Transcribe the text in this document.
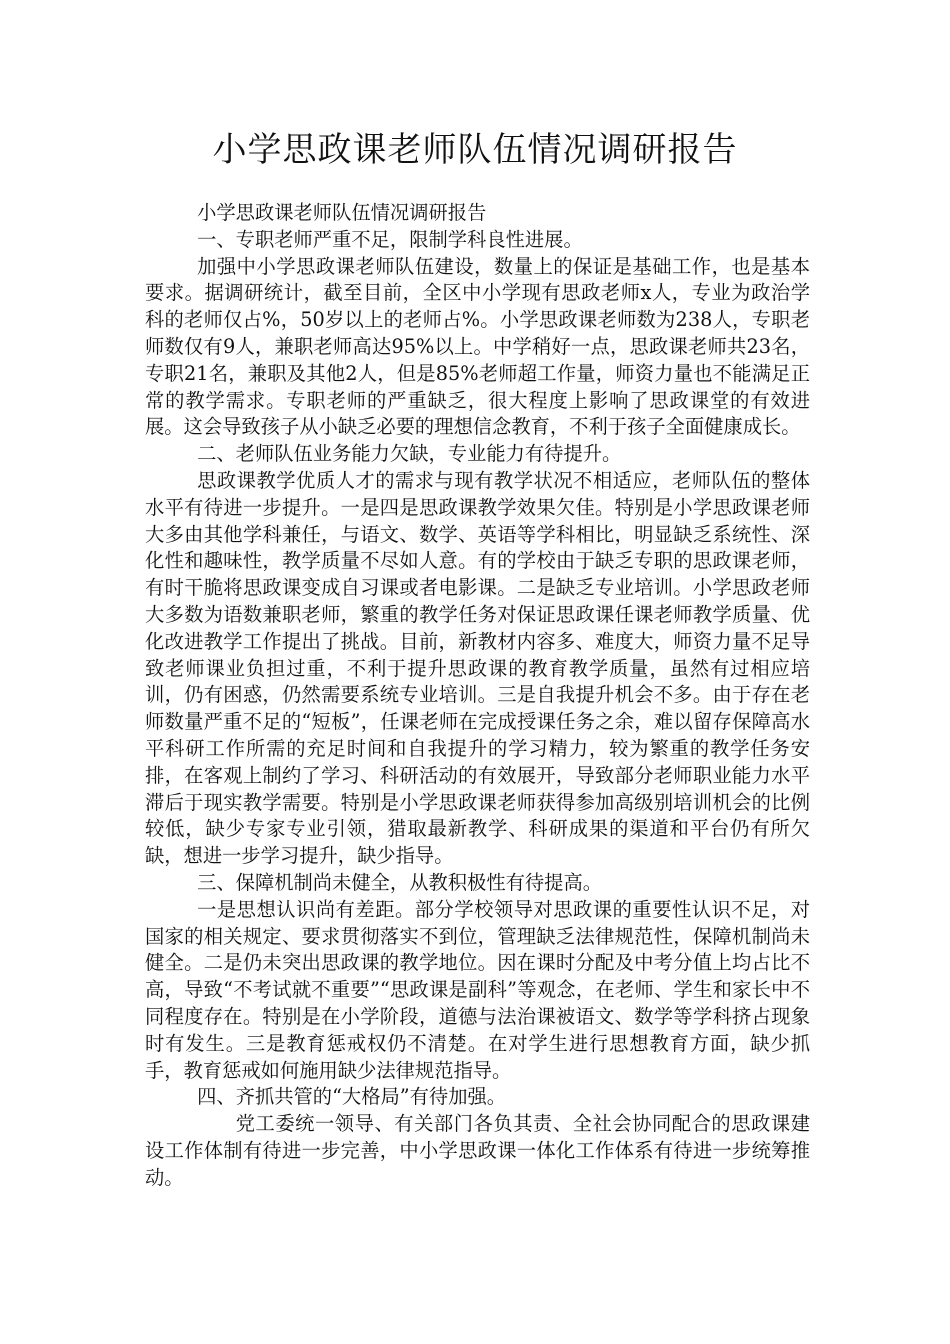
小学思政课老师队伍情况调研报告

小学思政课老师队伍情况调研报告

一、专职老师严重不足，限制学科良性进展。

加强中小学思政课老师队伍建设，数量上的保证是基础工作，也是基本要求。据调研统计，截至目前，全区中小学现有思政老师x人，专业为政治学科的老师仅占%，50岁以上的老师占%。小学思政课老师数为238人，专职老师数仅有9人，兼职老师高达95%以上。中学稍好一点，思政课老师共23名，专职21名，兼职及其他2人，但是85%老师超工作量，师资力量也不能满足正常的教学需求。专职老师的严重缺乏，很大程度上影响了思政课堂的有效进展。这会导致孩子从小缺乏必要的理想信念教育，不利于孩子全面健康成长。

二、老师队伍业务能力欠缺，专业能力有待提升。

思政课教学优质人才的需求与现有教学状况不相适应，老师队伍的整体水平有待进一步提升。一是四是思政课教学效果欠佳。特别是小学思政课老师大多由其他学科兼任，与语文、数学、英语等学科相比，明显缺乏系统性、深化性和趣味性，教学质量不尽如人意。有的学校由于缺乏专职的思政课老师，有时干脆将思政课变成自习课或者电影课。二是缺乏专业培训。小学思政老师大多数为语数兼职老师，繁重的教学任务对保证思政课任课老师教学质量、优化改进教学工作提出了挑战。目前，新教材内容多、难度大，师资力量不足导致老师课业负担过重，不利于提升思政课的教育教学质量，虽然有过相应培训，仍有困惑，仍然需要系统专业培训。三是自我提升机会不多。由于存在老师数量严重不足的“短板”，任课老师在完成授课任务之余，难以留存保障高水平科研工作所需的充足时间和自我提升的学习精力，较为繁重的教学任务安排，在客观上制约了学习、科研活动的有效展开，导致部分老师职业能力水平滞后于现实教学需要。特别是小学思政课老师获得参加高级别培训机会的比例较低，缺少专家专业引领，猎取最新教学、科研成果的渠道和平台仍有所欠缺，想进一步学习提升，缺少指导。

三、保障机制尚未健全，从教积极性有待提高。

一是思想认识尚有差距。部分学校领导对思政课的重要性认识不足，对国家的相关规定、要求贯彻落实不到位，管理缺乏法律规范性，保障机制尚未健全。二是仍未突出思政课的教学地位。因在课时分配及中考分值上均占比不高，导致“不考试就不重要”“思政课是副科”等观念，在老师、学生和家长中不同程度存在。特别是在小学阶段，道德与法治课被语文、数学等学科挤占现象时有发生。三是教育惩戒权仍不清楚。在对学生进行思想教育方面，缺少抓手，教育惩戒如何施用缺少法律规范指导。

四、齐抓共管的“大格局”有待加强。

党工委统一领导、有关部门各负其责、全社会协同配合的思政课建设工作体制有待进一步完善，中小学思政课一体化工作体系有待进一步统筹推动。
